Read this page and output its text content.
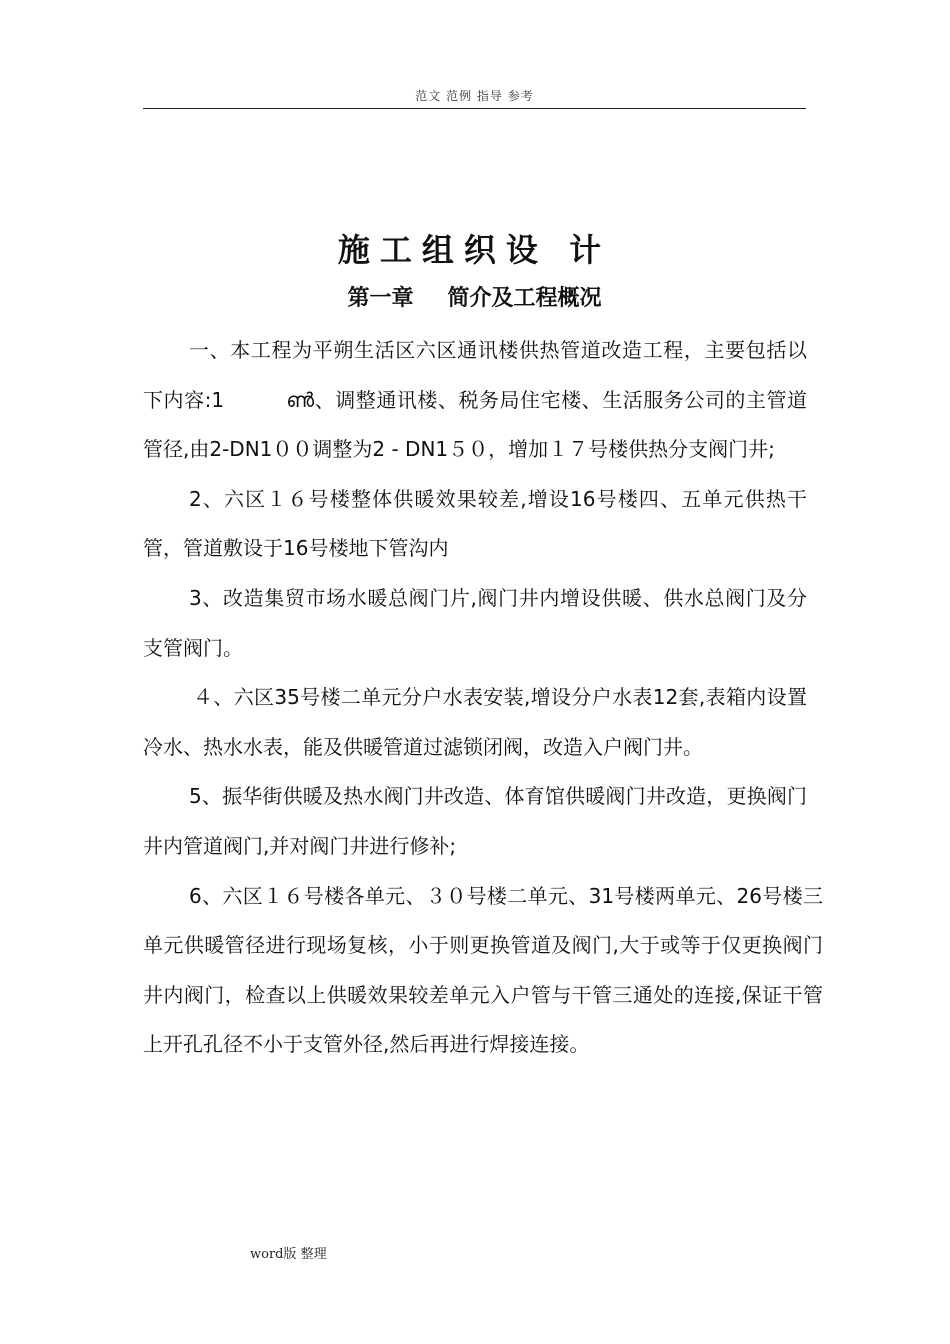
范文 范例 指导 参考
施工组织设 计
第一章 简介及工程概况

一、本工程为平朔生活区六区通讯楼供热管道改造工程，主要包括以下内容:1　　　ൺ、调整通讯楼、税务局住宅楼、生活服务公司的主管道管径,由2-DN1００调整为2 - DN1５０，增加１７号楼供热分支阀门井;

2、六区１６号楼整体供暖效果较差,增设16号楼四、五单元供热干管，管道敷设于16号楼地下管沟内

3、改造集贸市场水暖总阀门片,阀门井内增设供暖、供水总阀门及分支管阀门。

４、六区35号楼二单元分户水表安装,增设分户水表12套,表箱内设置冷水、热水水表，能及供暖管道过滤锁闭阀，改造入户阀门井。

5、振华街供暖及热水阀门井改造、体育馆供暖阀门井改造，更换阀门井内管道阀门,并对阀门井进行修补;

6、六区１６号楼各单元、３０号楼二单元、31号楼两单元、26号楼三单元供暖管径进行现场复核，小于则更换管道及阀门,大于或等于仅更换阀门井内阀门，检查以上供暖效果较差单元入户管与干管三通处的连接,保证干管上开孔孔径不小于支管外径,然后再进行焊接连接。

word版 整理
